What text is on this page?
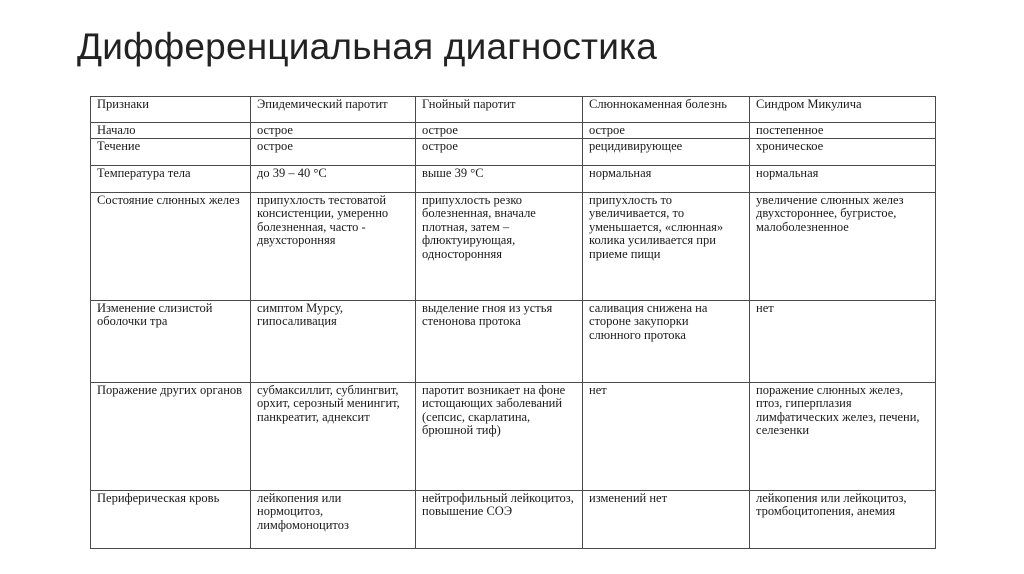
Дифференциальная диагностика
Признаки	Эпидемический паротит	Гнойный паротит	Слюннокаменная болезнь	Синдром Микулича
Начало	острое	острое	острое	постепенное
Течение	острое	острое	рецидивирующее	хроническое
Температура тела	до 39 – 40 °С	выше 39 °С	нормальная	нормальная
Состояние слюнных желез	припухлость тестоватой консистенции, умеренно болезненная, часто - двухсторонняя	припухлость резко болезненная, вначале плотная, затем – флюктуирующая, односторонняя	припухлость то увеличивается, то уменьшается, «слюнная» колика усиливается при приеме пищи	увеличение слюнных желез двухстороннее, бугристое, малоболезненное
Изменение слизистой оболочки тра	симптом Мурсу, гипосаливация	выделение гноя из устья стенонова протока	саливация снижена на стороне закупорки слюнного протока	нет
Поражение других органов	субмаксиллит, сублингвит, орхит, серозный менингит, панкреатит, аднексит	паротит возникает на фоне истощающих заболеваний (сепсис, скарлатина, брюшной тиф)	нет	поражение слюнных желез, птоз, гиперплазия лимфатических желез, печени, селезенки
Периферическая кровь	лейкопения или нормоцитоз, лимфомоноцитоз	нейтрофильный лейкоцитоз, повышение СОЭ	изменений нет	лейкопения или лейкоцитоз, тромбоцитопения, анемия
